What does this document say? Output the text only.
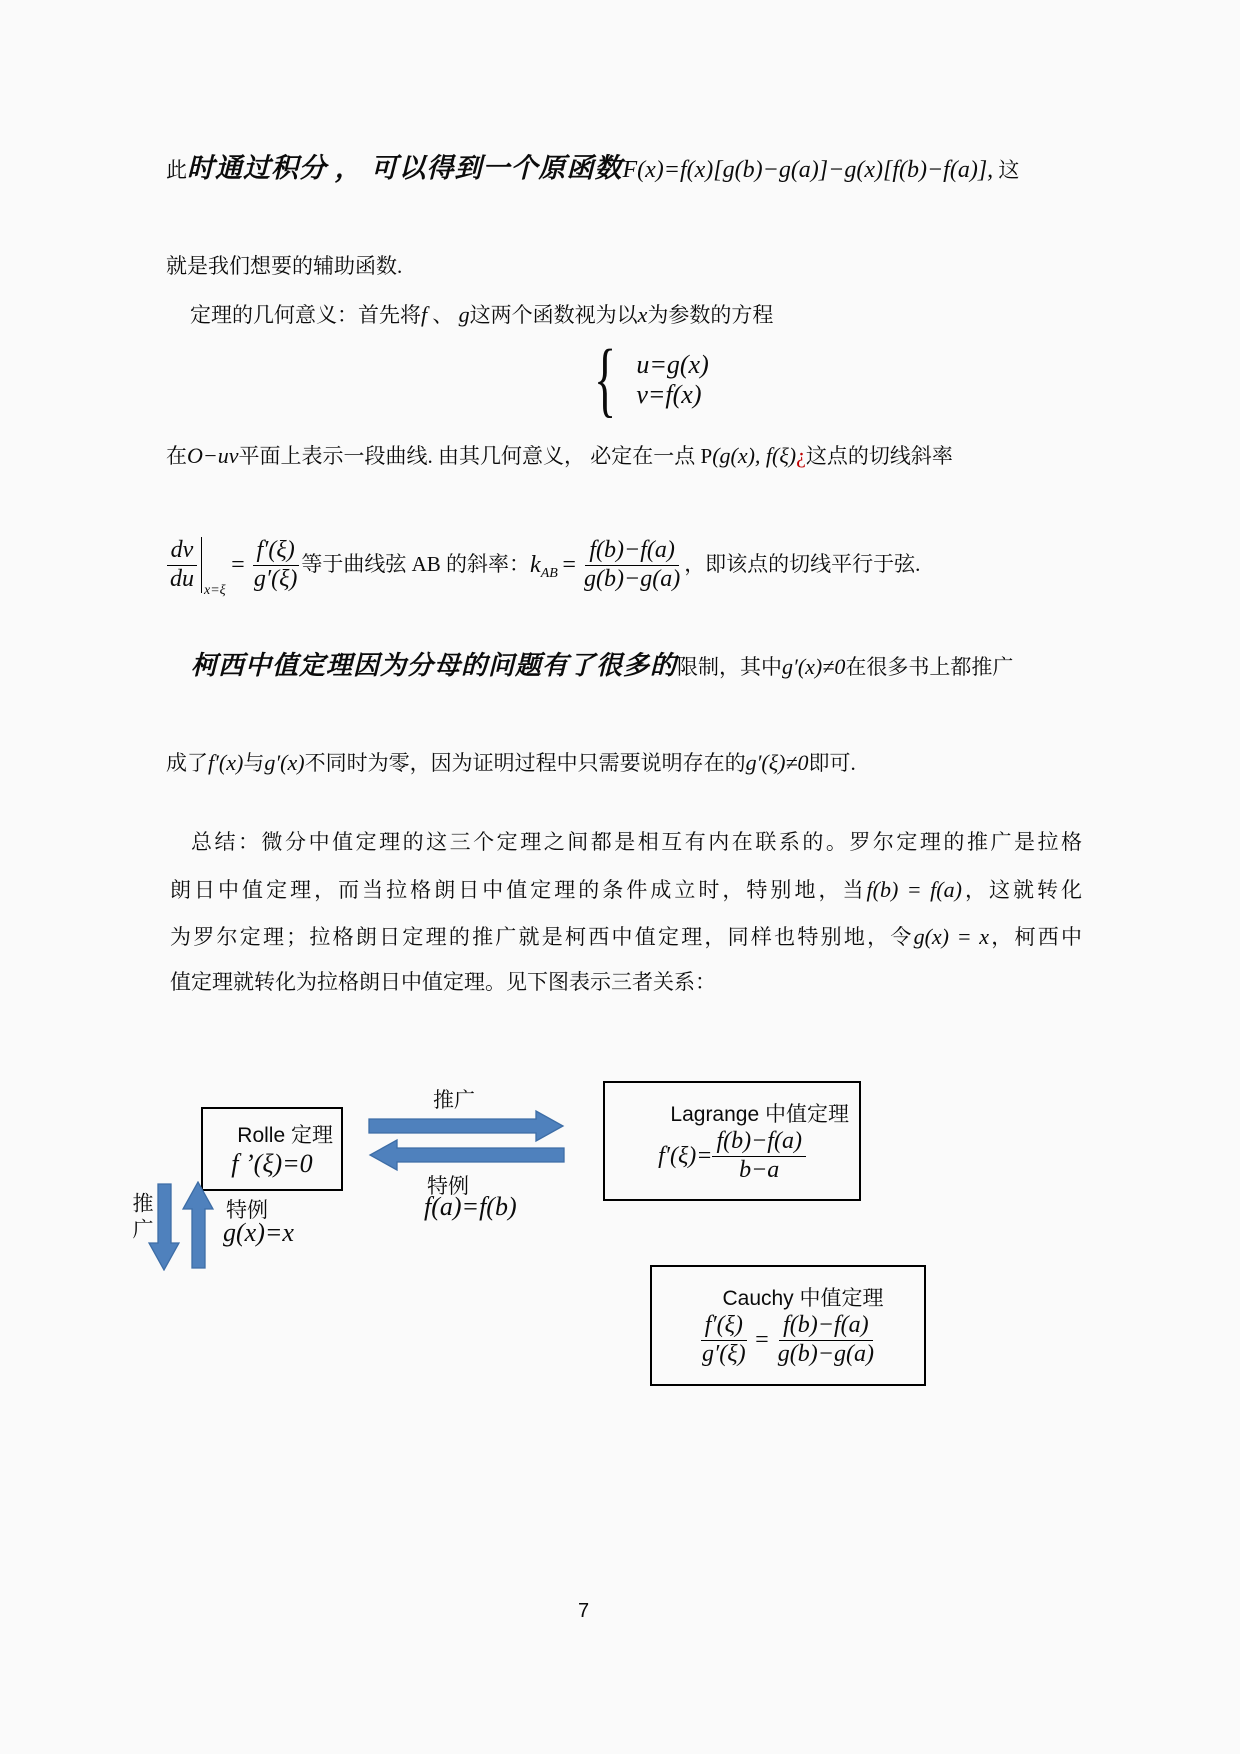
此时通过积分 ， 可以得到一个原函数F(x)=f(x)[g(b)−g(a)]−g(x)[f(b)−f(a)], 这
就是我们想要的辅助函数.
定理的几何意义：首先将f 、 g这两个函数视为以x为参数的方程
{ u=g(x)
v=f(x)
在O−uv平面上表示一段曲线. 由其几何意义， 必定在一点 P(g(x), f(ξ)¿这点的切线斜率
$\frac{dv}{du} x=\xi$
= $\frac{f'(\xi)}{g'(\xi)}$ 等于曲线弦 AB 的斜率： k AB = $\frac{f(b)-f(a)}{g(b)-g(a)}$ ，即该点的切线平行于弦.
柯西中值定理因为分母的问题有了很多的限制，其中g′(x)≠0在很多书上都推广
成了f′(x)与g′(x)不同时为零，因为证明过程中只需要说明存在的g′(ξ)≠0即可.
总结：微分中值定理的这三个定理之间都是相互有内在联系的。罗尔定理的推广是拉格
朗日中值定理，而当拉格朗日中值定理的条件成立时，特别地，当f(b) = f(a)，这就转化
为罗尔定理；拉格朗日定理的推广就是柯西中值定理，同样也特别地，令g(x) = x，柯西中
值定理就转化为拉格朗日中值定理。见下图表示三者关系：
Rolle 定理
f ’(ξ)=0
Lagrange 中值定理
$f'(\xi)= \frac{f(b)-f(a)}{b-a}$
Cauchy 中值定理
$\frac{f'(\xi)}{g'(\xi)} = \frac{f(b)-f(a)}{g(b)-g(a)}$
推广
特例
f(a)=f(b)
推广	特例
g(x)=x
7
